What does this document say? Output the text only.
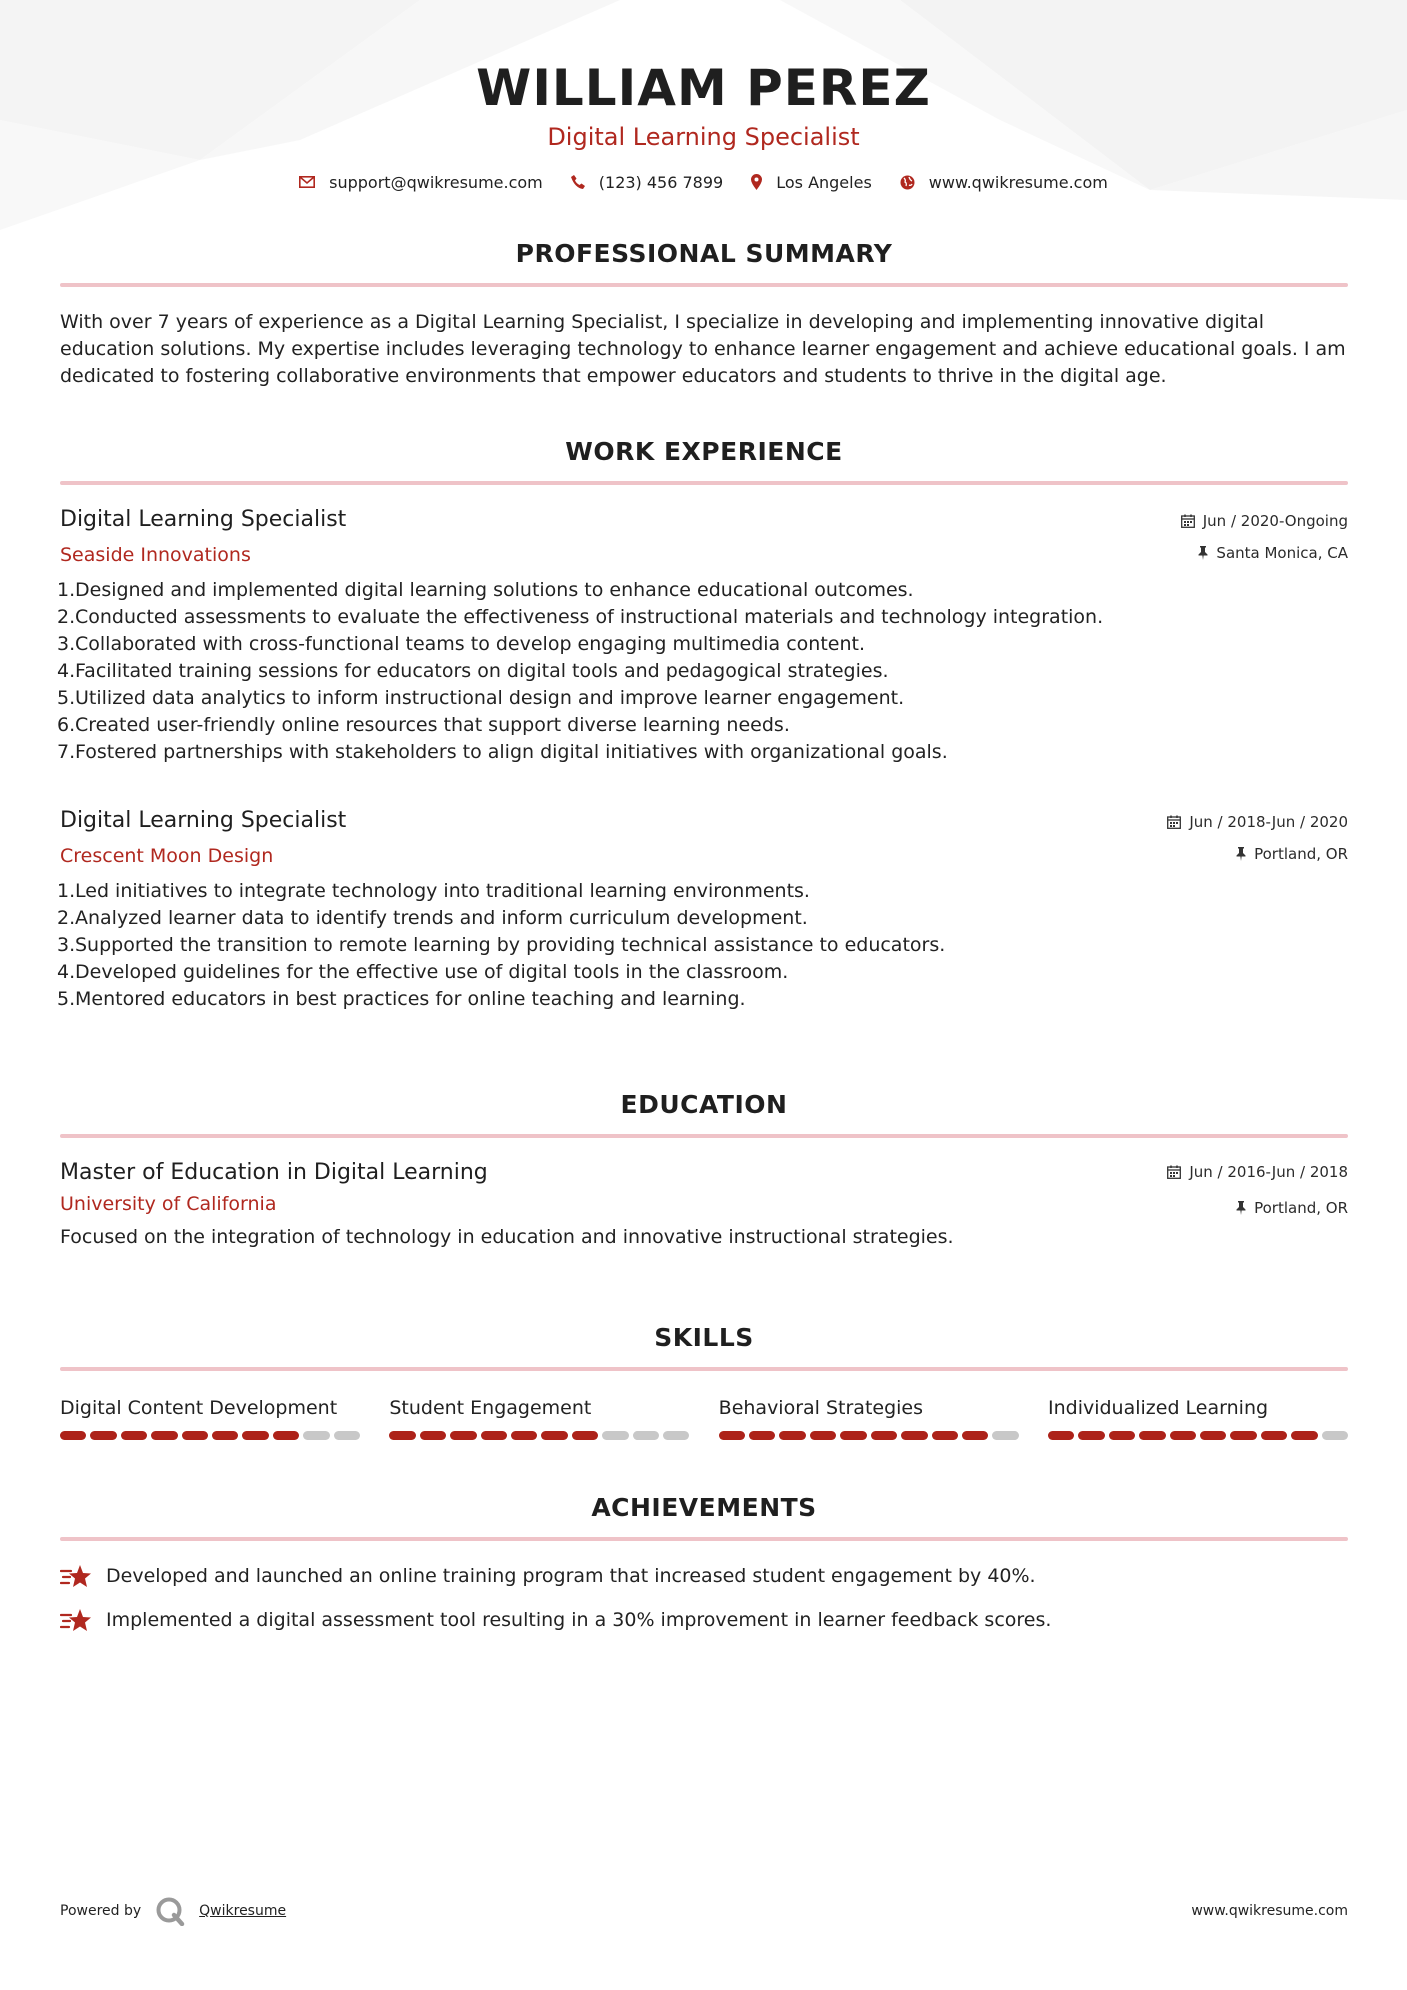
WILLIAM PEREZ
Digital Learning Specialist
support@qwikresume.com	(123) 456 7899	Los Angeles	www.qwikresume.com
PROFESSIONAL SUMMARY
With over 7 years of experience as a Digital Learning Specialist, I specialize in developing and implementing innovative digital education solutions. My expertise includes leveraging technology to enhance learner engagement and achieve educational goals. I am dedicated to fostering collaborative environments that empower educators and students to thrive in the digital age.
WORK EXPERIENCE
Digital Learning Specialist
Seaside Innovations
Jun / 2020-Ongoing
Santa Monica, CA
1. Designed and implemented digital learning solutions to enhance educational outcomes.
2. Conducted assessments to evaluate the effectiveness of instructional materials and technology integration.
3. Collaborated with cross-functional teams to develop engaging multimedia content.
4. Facilitated training sessions for educators on digital tools and pedagogical strategies.
5. Utilized data analytics to inform instructional design and improve learner engagement.
6. Created user-friendly online resources that support diverse learning needs.
7. Fostered partnerships with stakeholders to align digital initiatives with organizational goals.
Digital Learning Specialist
Crescent Moon Design
Jun / 2018-Jun / 2020
Portland, OR
1. Led initiatives to integrate technology into traditional learning environments.
2. Analyzed learner data to identify trends and inform curriculum development.
3. Supported the transition to remote learning by providing technical assistance to educators.
4. Developed guidelines for the effective use of digital tools in the classroom.
5. Mentored educators in best practices for online teaching and learning.
EDUCATION
Master of Education in Digital Learning
University of California
Jun / 2016-Jun / 2018
Portland, OR
Focused on the integration of technology in education and innovative instructional strategies.
SKILLS
Digital Content Development	Student Engagement	Behavioral Strategies	Individualized Learning
ACHIEVEMENTS
Developed and launched an online training program that increased student engagement by 40%.
Implemented a digital assessment tool resulting in a 30% improvement in learner feedback scores.
Powered by	Qwikresume	www.qwikresume.com
